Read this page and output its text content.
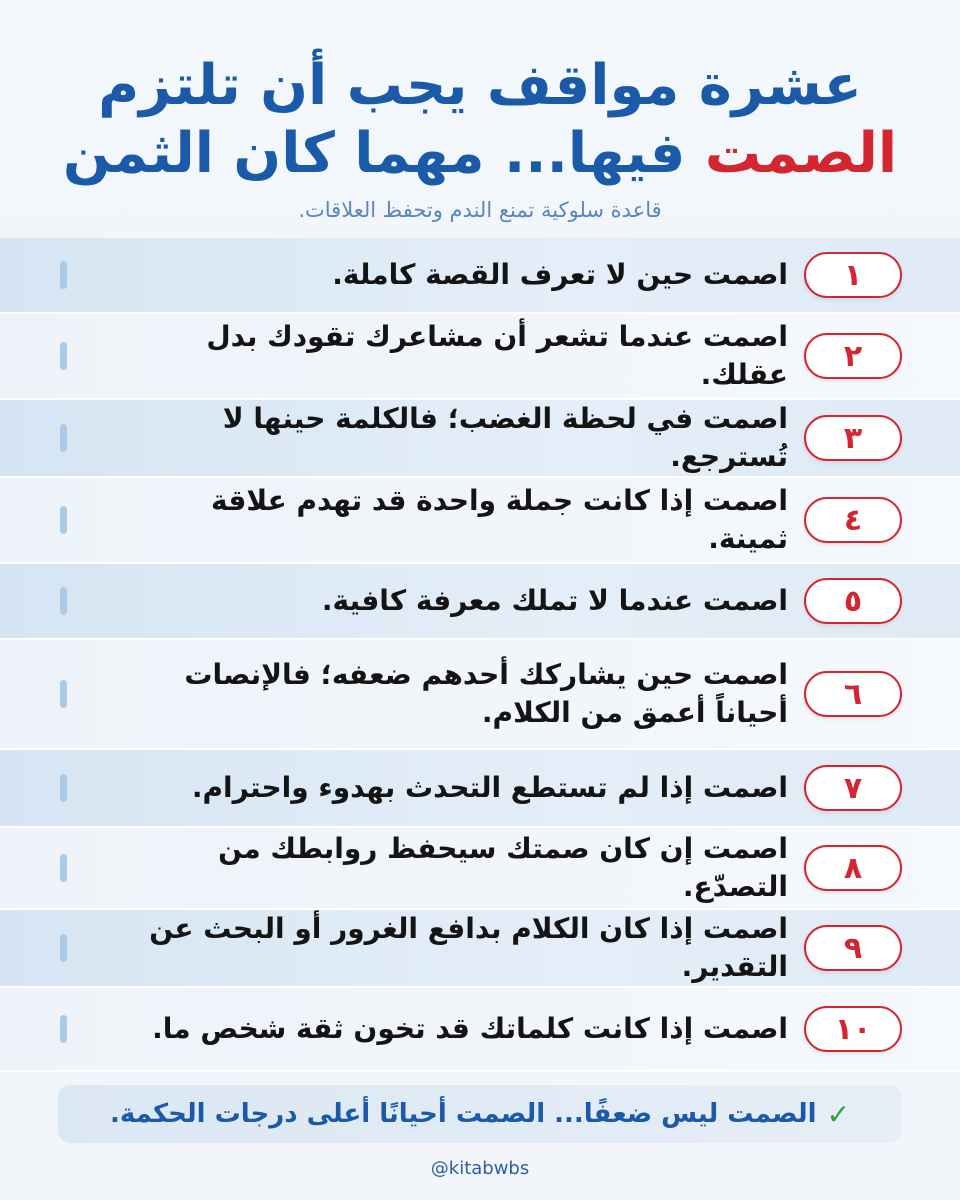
عشرة مواقف يجب أن تلتزم
الصمت فيها... مهما كان الثمن
قاعدة سلوكية تمنع الندم وتحفظ العلاقات.
١
اصمت حين لا تعرف القصة كاملة.
٢
اصمت عندما تشعر أن مشاعرك تقودك بدل عقلك.
٣
اصمت في لحظة الغضب؛ فالكلمة حينها لا تُسترجع.
٤
اصمت إذا كانت جملة واحدة قد تهدم علاقة ثمينة.
٥
اصمت عندما لا تملك معرفة كافية.
٦
اصمت حين يشاركك أحدهم ضعفه؛ فالإنصات أحياناً أعمق من الكلام.
٧
اصمت إذا لم تستطع التحدث بهدوء واحترام.
٨
اصمت إن كان صمتك سيحفظ روابطك من التصدّع.
٩
اصمت إذا كان الكلام بدافع الغرور أو البحث عن التقدير.
١٠
اصمت إذا كانت كلماتك قد تخون ثقة شخص ما.
✓
الصمت ليس ضعفًا... الصمت أحيانًا أعلى درجات الحكمة.
@kitabwbs
